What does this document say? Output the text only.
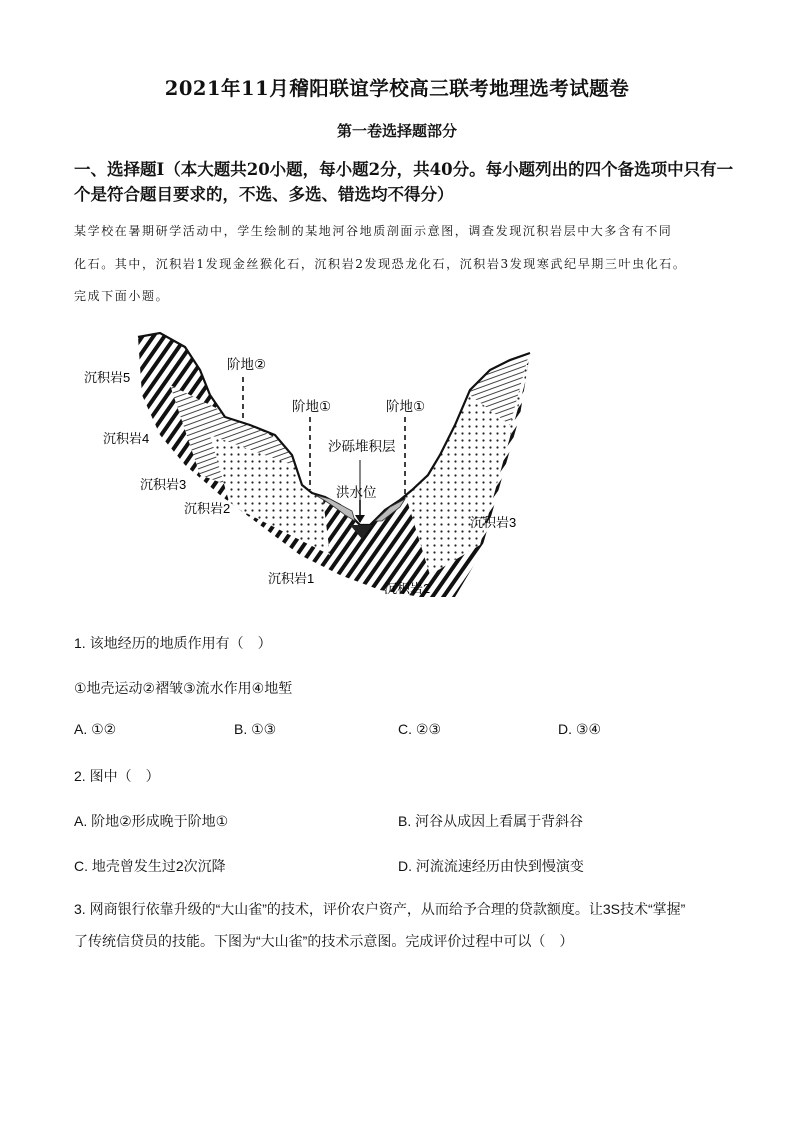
2021年11月稽阳联谊学校高三联考地理选考试题卷
第一卷选择题部分
一、选择题Ⅰ（本大题共20小题，每小题2分，共40分。每小题列出的四个备选项中只有一
个是符合题目要求的，不选、多选、错选均不得分）
某学校在暑期研学活动中，学生绘制的某地河谷地质剖面示意图，调查发现沉积岩层中大多含有不同
化石。其中，沉积岩1发现金丝猴化石，沉积岩2发现恐龙化石，沉积岩3发现寒武纪早期三叶虫化石。
完成下面小题。
沉积岩5
沉积岩4
沉积岩3
沉积岩2
沉积岩1
沉积岩2
沉积岩3
阶地②
阶地①	阶地①
沙砾堆积层
洪水位
1. 该地经历的地质作用有（　）
①地壳运动②褶皱③流水作用④地堑
A. ①②	B. ①③	C. ②③	D. ③④
2. 图中（　）
A. 阶地②形成晚于阶地①	B. 河谷从成因上看属于背斜谷
C. 地壳曾发生过2次沉降	D. 河流流速经历由快到慢演变
3. 网商银行依靠升级的“大山雀”的技术，评价农户资产，从而给予合理的贷款额度。让3S技术“掌握”
了传统信贷员的技能。下图为“大山雀”的技术示意图。完成评价过程中可以（　）
